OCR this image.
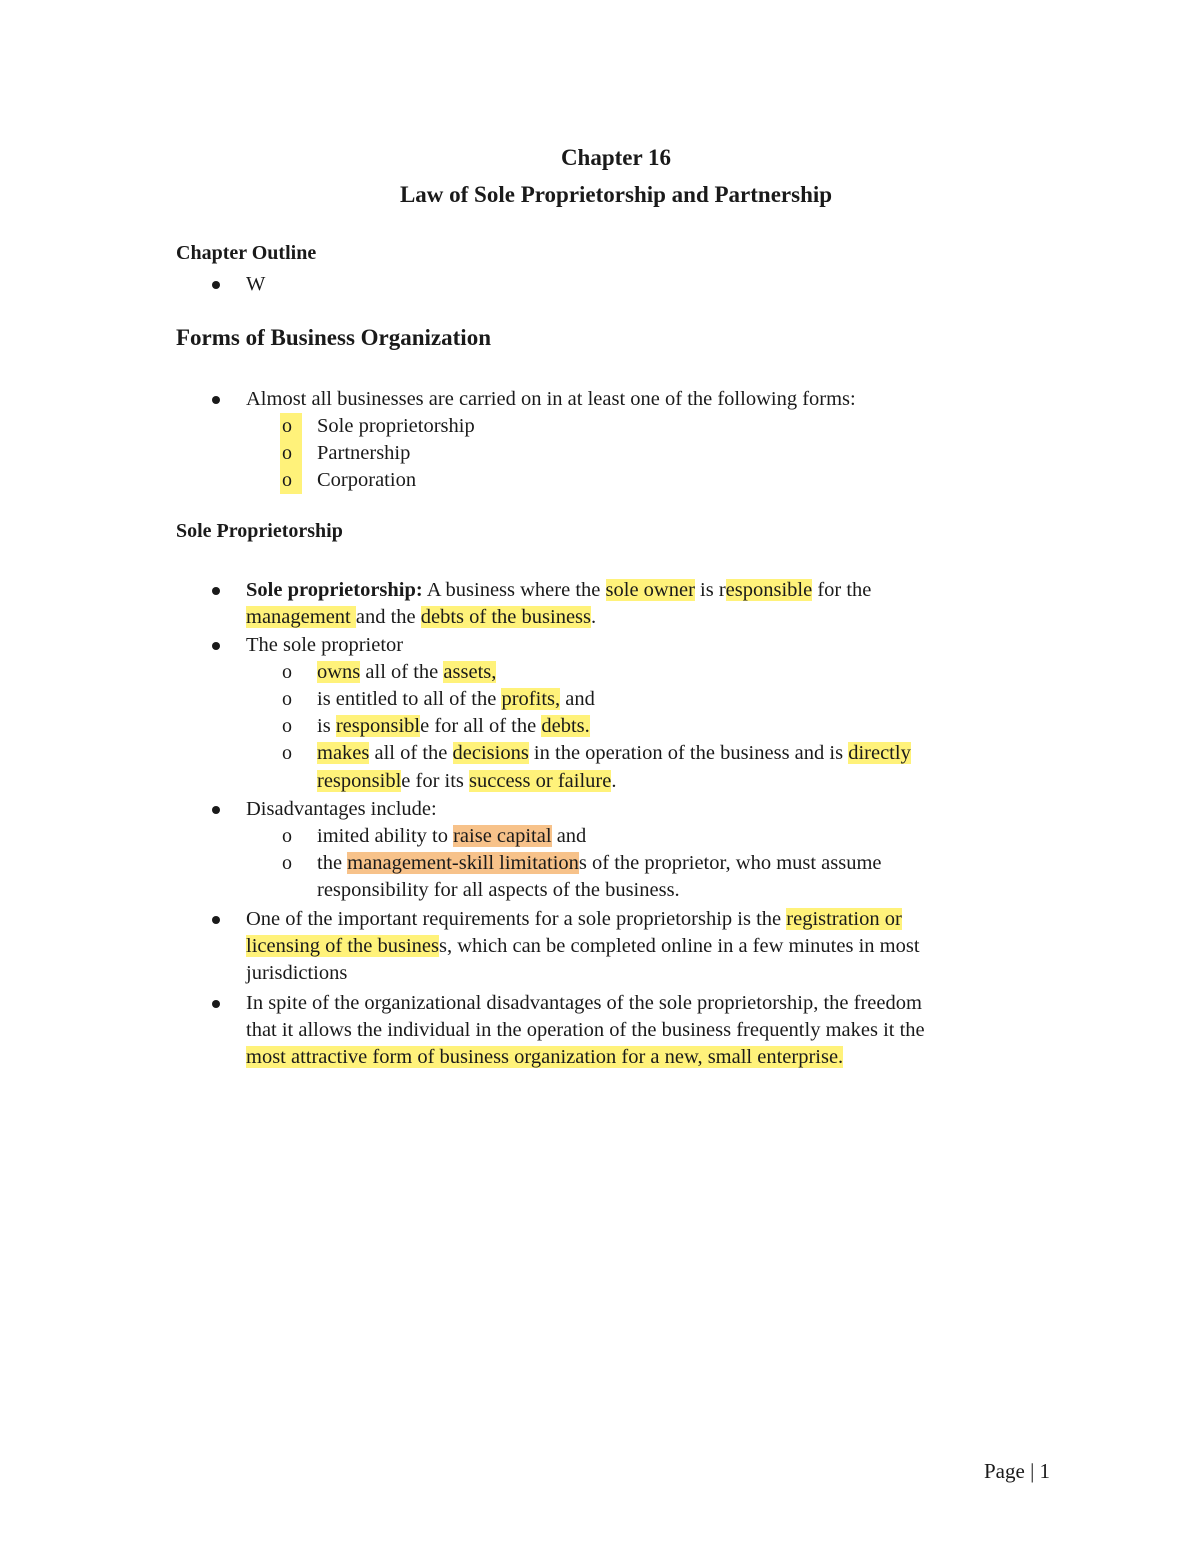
Chapter 16
Law of Sole Proprietorship and Partnership
Chapter Outline
W
Forms of Business Organization
Almost all businesses are carried on in at least one of the following forms:
o	Sole proprietorship
o	Partnership
o	Corporation
Sole Proprietorship
Sole proprietorship: A business where the sole owner is responsible for the
management and the debts of the business.
The sole proprietor
o owns all of the assets,
o is entitled to all of the profits, and
o is responsible for all of the debts.
o makes all of the decisions in the operation of the business and is directly
responsible for its success or failure.
Disadvantages include:
o imited ability to raise capital and
o the management-skill limitations of the proprietor, who must assume
responsibility for all aspects of the business.
One of the important requirements for a sole proprietorship is the registration or
licensing of the business, which can be completed online in a few minutes in most
jurisdictions
In spite of the organizational disadvantages of the sole proprietorship, the freedom
that it allows the individual in the operation of the business frequently makes it the
most attractive form of business organization for a new, small enterprise.
Page | 1
